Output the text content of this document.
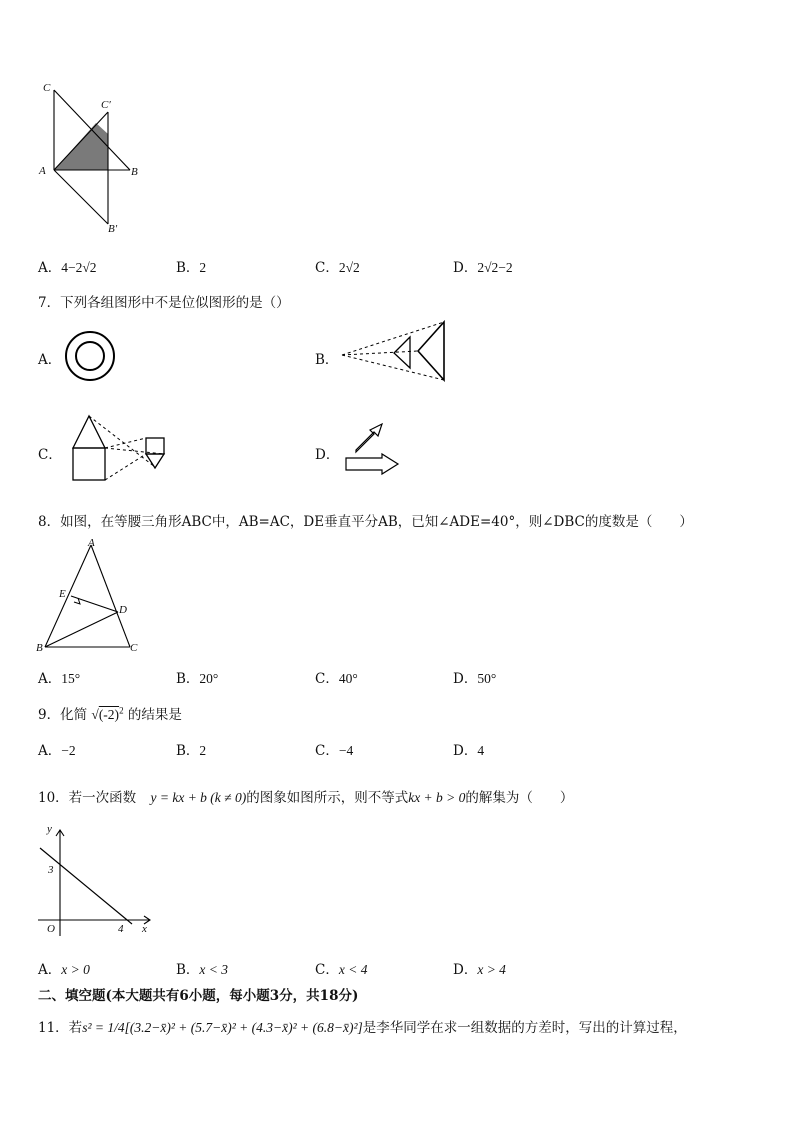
C
C′
A	B
B′
A．4−2√2	B．2	C．2√2	D．2√2−2
7．下列各组图形中不是位似图形的是（）
A．	B．
C．	D．
8．如图，在等腰三角形ABC中，AB=AC，DE垂直平分AB，已知∠ADE=40°，则∠DBC的度数是（　　）
A
E
D
B	C
A．15°	B．20°	C．40°	D．50°
9．化简 $√(-2)^2$ 的结果是
A．−2	B．2	C．−4	D．4
10．若一次函数 y = kx + b (k ≠ 0)的图象如图所示，则不等式kx + b > 0的解集为（　　）
y
3
O	4 x
A．x > 0	B．x < 3	C．x < 4	D．x > 4
二、填空题(本大题共有6小题，每小题3分，共18分)
11．若s² = 1/4[(3.2−x̄)² + (5.7−x̄)² + (4.3−x̄)² + (6.8−x̄)²]是李华同学在求一组数据的方差时，写出的计算过程，
